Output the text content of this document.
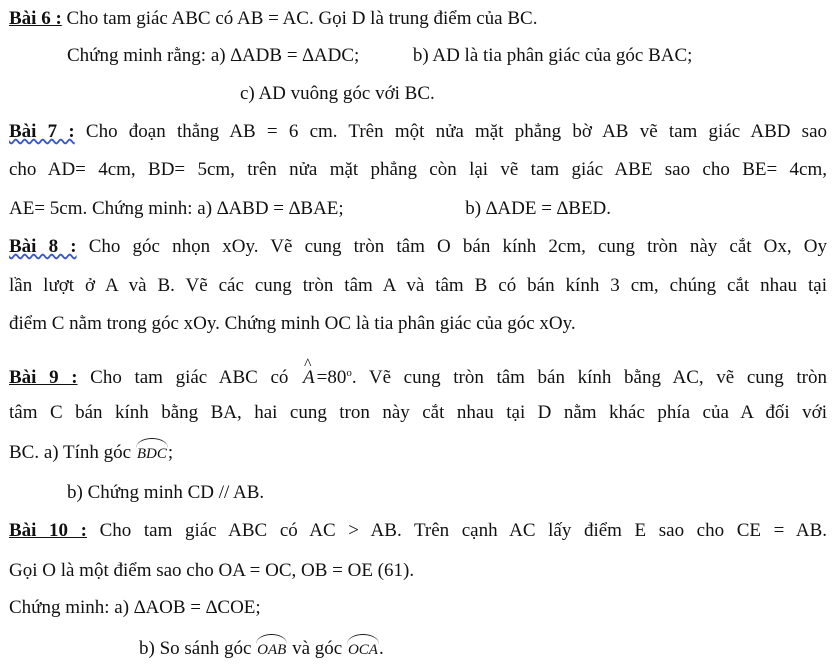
Bài 6 : Cho tam giác ABC có AB = AC. Gọi D là trung điểm của BC.
Chứng minh rằng: a) ∆ADB = ∆ADC;	b) AD là tia phân giác của góc BAC;
c) AD vuông góc với BC.
Bài 7 : Cho đoạn thẳng AB = 6 cm. Trên một nửa mặt phẳng bờ AB vẽ tam giác ABD sao
cho AD= 4cm, BD= 5cm, trên nửa mặt phẳng còn lại vẽ tam giác ABE sao cho BE= 4cm,
AE= 5cm. Chứng minh: a) ∆ABD = ∆BAE;	b) ∆ADE = ∆BED.
Bài 8 : Cho góc nhọn xOy. Vẽ cung tròn tâm O bán kính 2cm, cung tròn này cắt Ox, Oy
lần lượt ở A và B. Vẽ các cung tròn tâm A và tâm B có bán kính 3 cm, chúng cắt nhau tại
điểm C nằm trong góc xOy. Chứng minh OC là tia phân giác của góc xOy.
Bài 9 : Cho tam giác ABC có ^ $A =80^o$. Vẽ cung tròn tâm bán kính bằng AC, vẽ cung tròn
tâm C bán kính bằng BA, hai cung tron này cắt nhau tại D nằm khác phía của A đối với
BC. a) Tính góc BDC;
b) Chứng minh CD // AB.
Bài 10 : Cho tam giác ABC có AC > AB. Trên cạnh AC lấy điểm E sao cho CE = AB.
Gọi O là một điểm sao cho OA = OC, OB = OE (61).
Chứng minh: a) ∆AOB = ∆COE;
b) So sánh góc OAB và góc OCA.
